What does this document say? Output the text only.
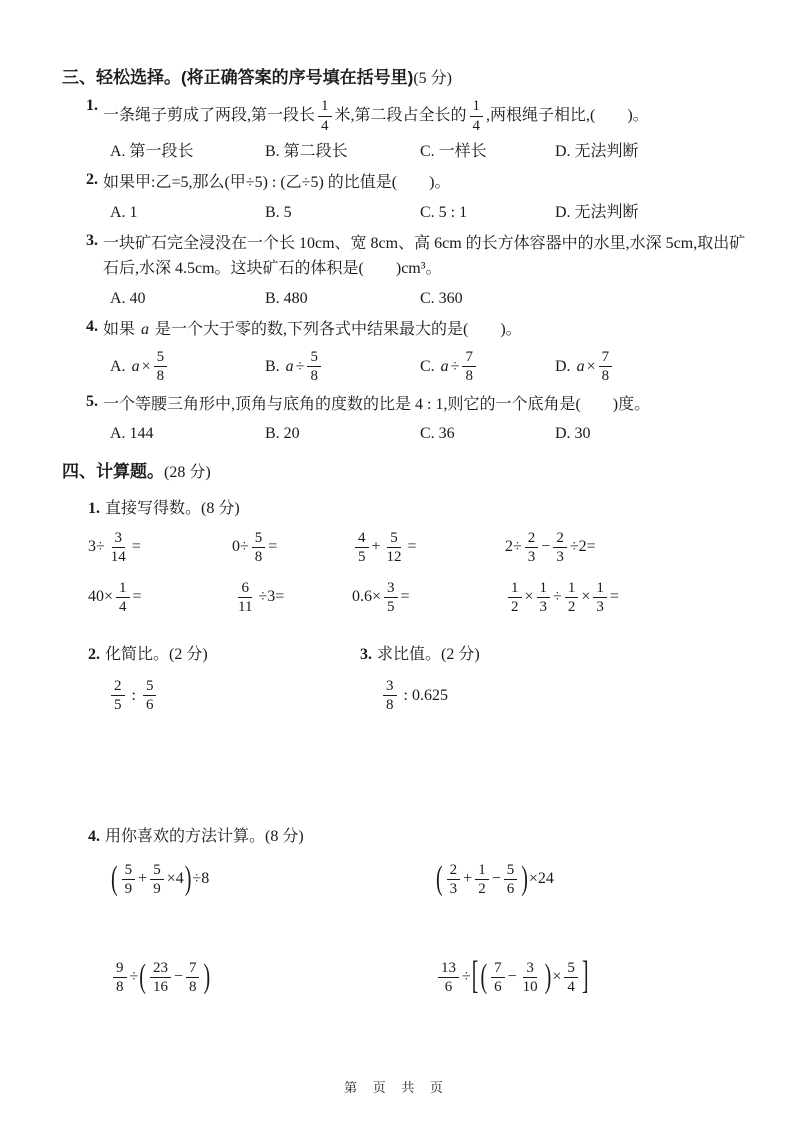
三、轻松选择。(将正确答案的序号填在括号里)(5 分)
1.
一条绳子剪成了两段,第一段长 $\frac{1}{4}$ 米,第二段占全长的 $\frac{1}{4}$ ,两根绳子相比,(　　)。
A. 第一段长	B. 第二段长	C. 一样长	D. 无法判断
2. 如果甲:乙=5,那么(甲÷5) : (乙÷5) 的比值是(　　)。
A. 1	B. 5	C. 5 : 1	D. 无法判断
3. 一块矿石完全浸没在一个长 10cm、宽 8cm、高 6cm 的长方体容器中的水里,水深 5cm,取出矿石后,水深 4.5cm。这块矿石的体积是(　　)cm³。
A. 40	B. 480	C. 360
4. 如果 a 是一个大于零的数,下列各式中结果最大的是(　　)。
A. $a \times \frac{5}{8}$	B. $a \div \frac{5}{8}$	C. $a \div \frac{7}{8}$	D. $a \times \frac{7}{8}$
5. 一个等腰三角形中,顶角与底角的度数的比是 4 : 1,则它的一个底角是(　　)度。
A. 144	B. 20	C. 36	D. 30
四、计算题。(28 分)
1. 直接写得数。(8 分)
$3\div \frac{3}{14}$ =	$0\div \frac{5}{8}$ =	$\frac{4}{5} + \frac{5}{12}$ =	$2\div \frac{2}{3} - \frac{2}{3} \div 2=$
$40\times \frac{1}{4}$ =	$\frac{6}{11} \div 3=$	$0.6\times \frac{3}{5}$ =	$\frac{1}{2} \times \frac{1}{3} \div \frac{1}{2} \times \frac{1}{3}$ =
2. 化简比。(2 分)
$\frac{2}{5}$ : $\frac{5}{6}$
3. 求比值。(2 分)
$\frac{3}{8}$ : 0.625
4. 用你喜欢的方法计算。(8 分)
( $\frac{5}{9} + \frac{5}{9} \times 4$ ) ÷8	( $\frac{2}{3} + \frac{1}{2} - \frac{5}{6}$ ) ×24
$\frac{9}{8}$ ÷ ( $\frac{23}{16} - \frac{7}{8}$ )	$\frac{13}{6}$ ÷ [ ( $\frac{7}{6} - \frac{3}{10}$ ) × $\frac{5}{4}$ ]
第 页 共 页
